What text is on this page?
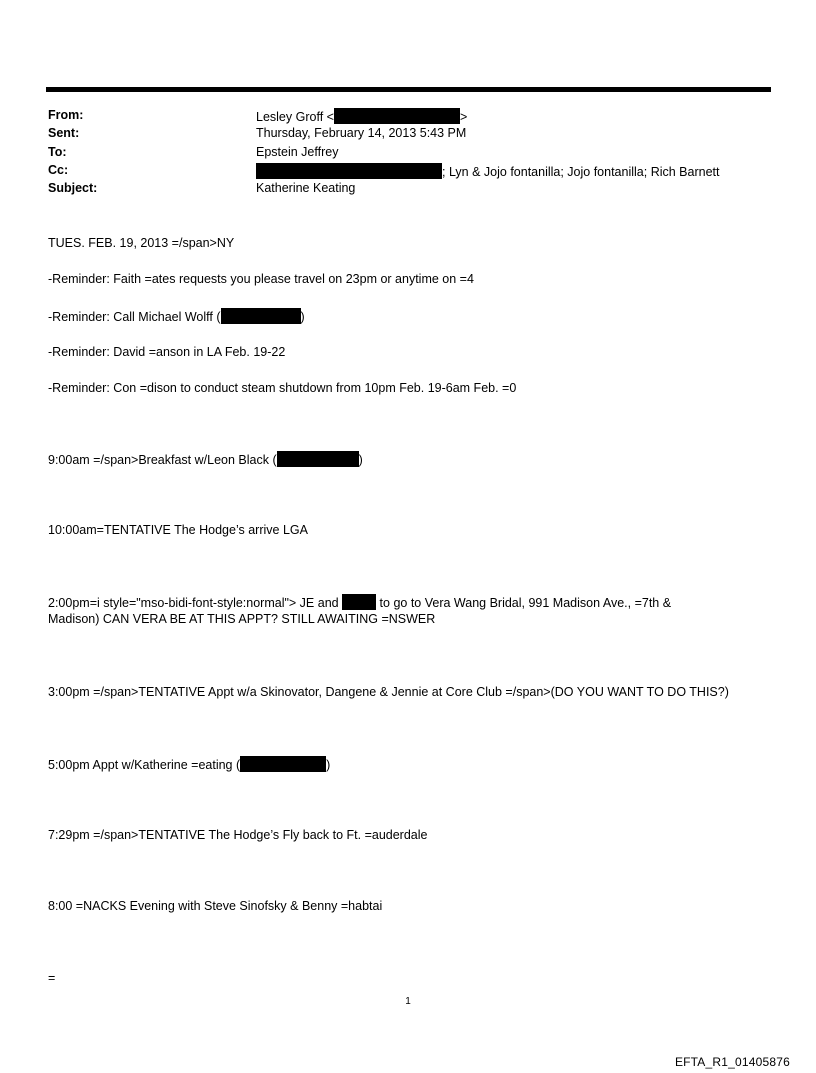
From:	Lesley Groff <	>
Sent:	Thursday, February 14, 2013 5:43 PM
To:	Epstein Jeffrey
Cc:	; Lyn & Jojo fontanilla; Jojo fontanilla; Rich Barnett
Subject:	Katherine Keating
TUES. FEB. 19, 2013 =/span>NY
-Reminder: Faith =ates requests you please travel on 23pm or anytime on =4
-Reminder: Call Michael Wolff (	)
-Reminder: David =anson in LA Feb. 19-22
-Reminder: Con =dison to conduct steam shutdown from 10pm Feb. 19-6am Feb. =0
9:00am =/span>Breakfast w/Leon Black (	)
10:00am=TENTATIVE The Hodge’s arrive LGA
2:00pm=i style="mso-bidi-font-style:normal"> JE and	to go to Vera Wang Bridal, 991 Madison Ave., =7th &
Madison) CAN VERA BE AT THIS APPT? STILL AWAITING =NSWER
3:00pm =/span>TENTATIVE Appt w/a Skinovator, Dangene & Jennie at Core Club =/span>(DO YOU WANT TO DO THIS?)
5:00pm Appt w/Katherine =eating (	)
7:29pm =/span>TENTATIVE The Hodge’s Fly back to Ft. =auderdale
8:00 =NACKS Evening with Steve Sinofsky & Benny =habtai
=
1
EFTA_R1_01405876
